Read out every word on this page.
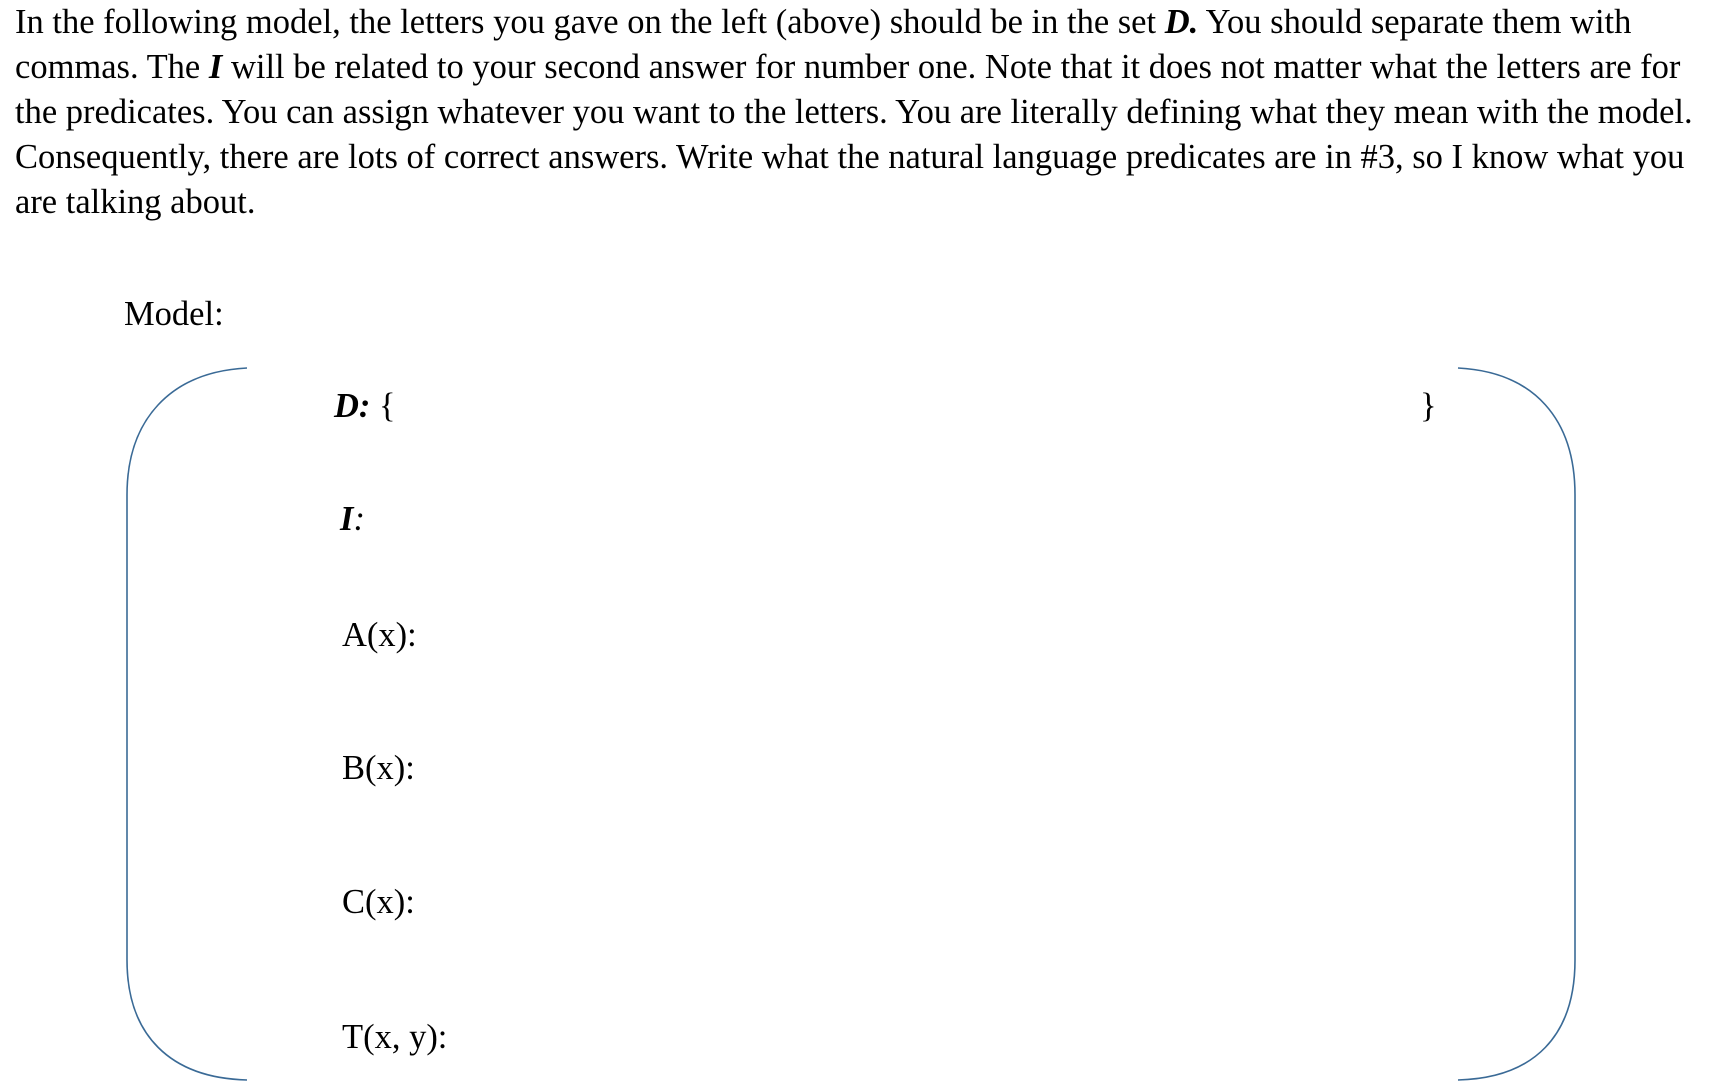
In the following model, the letters you gave on the left (above) should be in the set D. You should separate them with commas. The I will be related to your second answer for number one. Note that it does not matter what the letters are for the predicates. You can assign whatever you want to the letters. You are literally defining what they mean with the model. Consequently, there are lots of correct answers. Write what the natural language predicates are in #3, so I know what you are talking about.

Model:
D: {	}
I:
A(x):
B(x):
C(x):
T(x, y):
